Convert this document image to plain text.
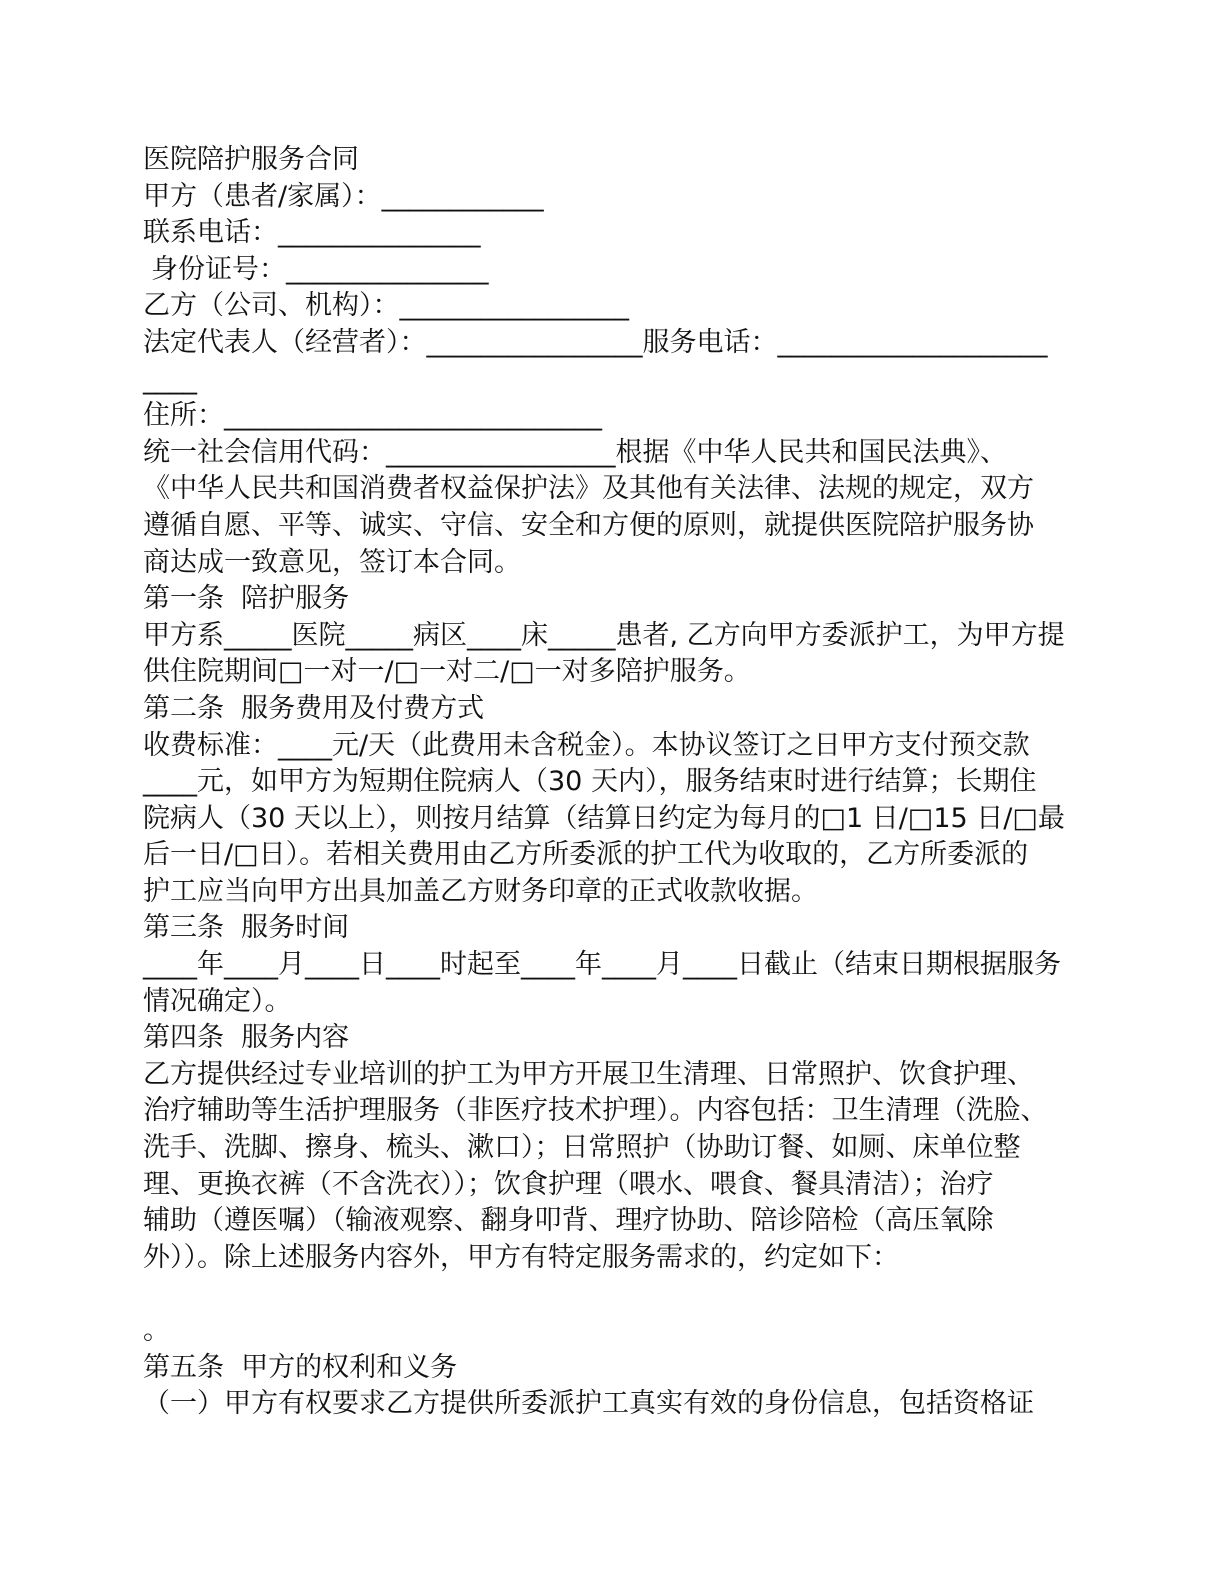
医院陪护服务合同
甲方（患者/家属）：____________
联系电话：_______________
身份证号：_______________
乙方（公司、机构）：_________________
法定代表人（经营者）：________________服务电话：____________________
____
住所：____________________________
统一社会信用代码：_________________根据《中华人民共和国民法典》、
《中华人民共和国消费者权益保护法》及其他有关法律、法规的规定，双方
遵循自愿、平等、诚实、守信、安全和方便的原则，就提供医院陪护服务协
商达成一致意见，签订本合同。
第一条  陪护服务
甲方系_____医院_____病区____床_____患者, 乙方向甲方委派护工，为甲方提
供住院期间□一对一/□一对二/□一对多陪护服务。
第二条  服务费用及付费方式
收费标准：____元/天（此费用未含税金）。本协议签订之日甲方支付预交款
____元，如甲方为短期住院病人（30 天内），服务结束时进行结算；长期住
院病人（30 天以上），则按月结算（结算日约定为每月的□1 日/□15 日/□最
后一日/□日）。若相关费用由乙方所委派的护工代为收取的，乙方所委派的
护工应当向甲方出具加盖乙方财务印章的正式收款收据。
第三条  服务时间
____年____月____日____时起至____年____月____日截止（结束日期根据服务
情况确定）。
第四条  服务内容
乙方提供经过专业培训的护工为甲方开展卫生清理、日常照护、饮食护理、
治疗辅助等生活护理服务（非医疗技术护理）。内容包括：卫生清理（洗脸、
洗手、洗脚、擦身、梳头、漱口）；日常照护（协助订餐、如厕、床单位整
理、更换衣裤（不含洗衣））；饮食护理（喂水、喂食、餐具清洁）；治疗
辅助（遵医嘱）（输液观察、翻身叩背、理疗协助、陪诊陪检（高压氧除
外））。除上述服务内容外，甲方有特定服务需求的，约定如下：
。
第五条  甲方的权利和义务
（一）甲方有权要求乙方提供所委派护工真实有效的身份信息，包括资格证
